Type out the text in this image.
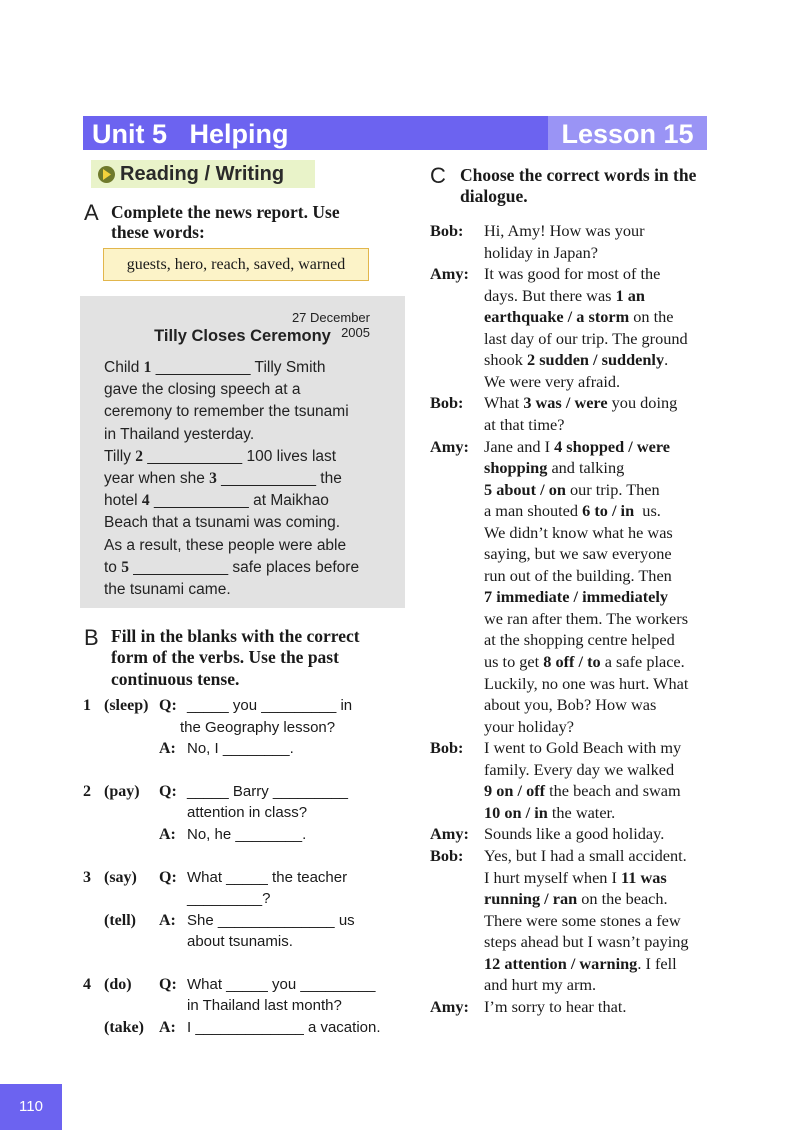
Unit 5   Helping	Lesson 15
Reading / Writing
A Complete the news report. Use
these words:
guests, hero, reach, saved, warned
27 December 2005
Tilly Closes Ceremony
Child 1 ___________ Tilly Smith
gave the closing speech at a
ceremony to remember the tsunami
in Thailand yesterday.
Tilly 2 ___________ 100 lives last
year when she 3 ___________ the
hotel 4 ___________ at Maikhao
Beach that a tsunami was coming.
As a result, these people were able
to 5 ___________ safe places before
the tsunami came.
B Fill in the blanks with the correct
form of the verbs. Use the past
continuous tense.
1 (sleep) Q: _____ you _________ in
the Geography lesson?
A: No, I ________.
2 (pay) Q: _____ Barry _________
attention in class?
A: No, he ________.
3 (say) Q: What _____ the teacher
_________?
(tell) A: She ______________ us
about tsunamis.
4 (do) Q: What _____ you _________
in Thailand last month?
(take) A: I _____________ a vacation.
C Choose the correct words in the
dialogue.
Bob: Hi, Amy! How was your
holiday in Japan?
Amy: It was good for most of the
days. But there was 1 an
earthquake / a storm on the
last day of our trip. The ground
shook 2 sudden / suddenly.
We were very afraid.
Bob: What 3 was / were you doing
at that time?
Amy: Jane and I 4 shopped / were
shopping and talking
5 about / on our trip. Then
a man shouted 6 to / in  us.
We didn’t know what he was
saying, but we saw everyone
run out of the building. Then
7 immediate / immediately
we ran after them. The workers
at the shopping centre helped
us to get 8 off / to a safe place.
Luckily, no one was hurt. What
about you, Bob? How was
your holiday?
Bob: I went to Gold Beach with my
family. Every day we walked
9 on / off the beach and swam
10 on / in the water.
Amy: Sounds like a good holiday.
Bob: Yes, but I had a small accident.
I hurt myself when I 11 was
running / ran on the beach.
There were some stones a few
steps ahead but I wasn’t paying
12 attention / warning. I fell
and hurt my arm.
Amy: I’m sorry to hear that.
110
